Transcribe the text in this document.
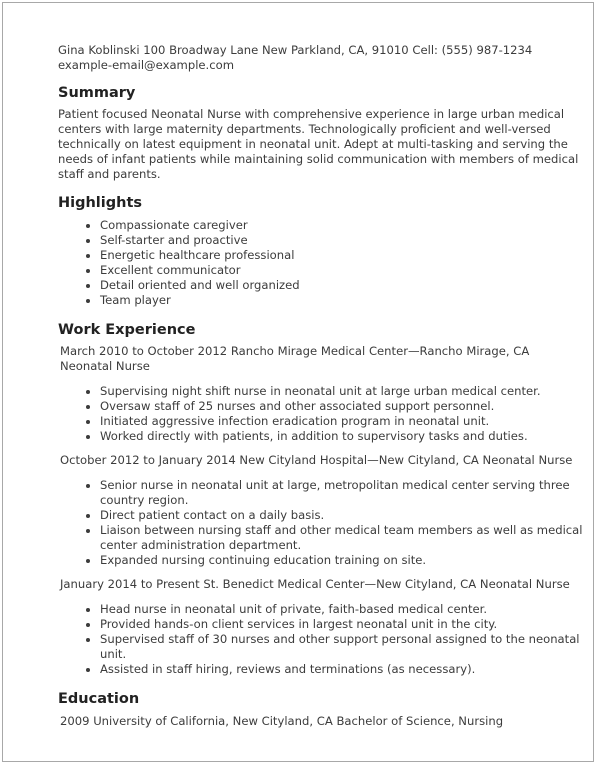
Gina Koblinski 100 Broadway Lane New Parkland, CA, 91010 Cell: (555) 987-1234 example-email@example.com

Summary

Patient focused Neonatal Nurse with comprehensive experience in large urban medical centers with large maternity departments. Technologically proficient and well-versed technically on latest equipment in neonatal unit. Adept at multi-tasking and serving the needs of infant patients while maintaining solid communication with members of medical staff and parents.

Highlights
• Compassionate caregiver
• Self-starter and proactive
• Energetic healthcare professional
• Excellent communicator
• Detail oriented and well organized
• Team player
Work Experience

March 2010 to October 2012 Rancho Mirage Medical Center—Rancho Mirage, CA Neonatal Nurse

• Supervising night shift nurse in neonatal unit at large urban medical center.
• Oversaw staff of 25 nurses and other associated support personnel.
• Initiated aggressive infection eradication program in neonatal unit.
• Worked directly with patients, in addition to supervisory tasks and duties.

October 2012 to January 2014 New Cityland Hospital—New Cityland, CA Neonatal Nurse

• Senior nurse in neonatal unit at large, metropolitan medical center serving three country region.
• Direct patient contact on a daily basis.
• Liaison between nursing staff and other medical team members as well as medical center administration department.
• Expanded nursing continuing education training on site.

January 2014 to Present St. Benedict Medical Center—New Cityland, CA Neonatal Nurse

• Head nurse in neonatal unit of private, faith-based medical center.
• Provided hands-on client services in largest neonatal unit in the city.
• Supervised staff of 30 nurses and other support personal assigned to the neonatal unit.
• Assisted in staff hiring, reviews and terminations (as necessary).
Education

2009 University of California, New Cityland, CA Bachelor of Science, Nursing
